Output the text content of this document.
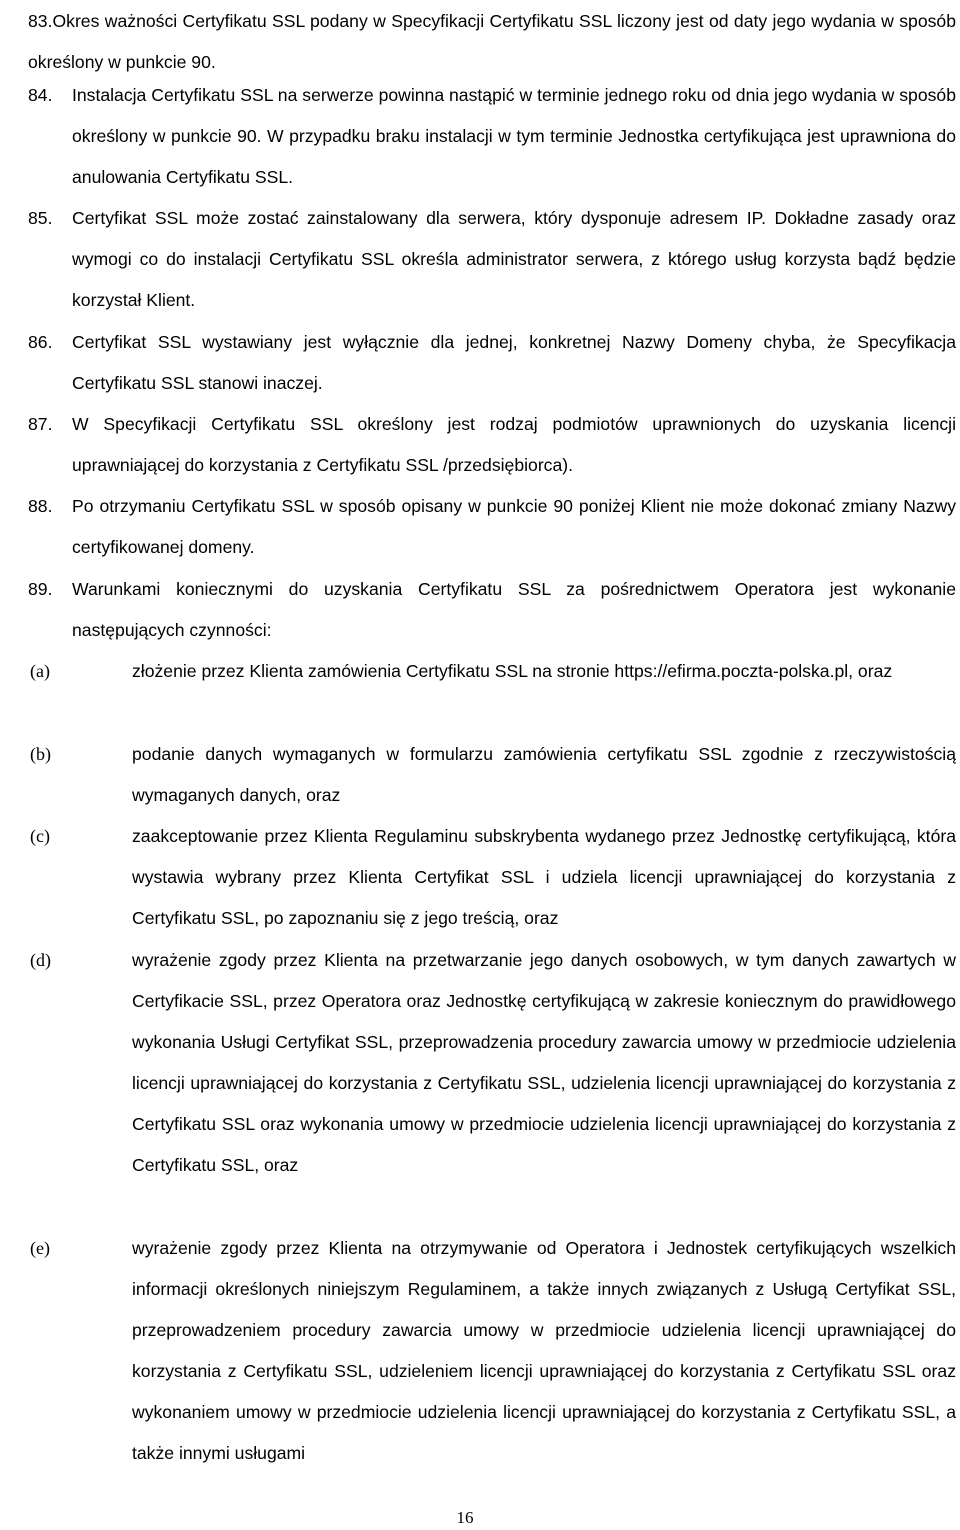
83.Okres ważności Certyfikatu SSL podany w Specyfikacji Certyfikatu SSL liczony jest od daty jego wydania w sposób określony w punkcie 90.
84.	Instalacja Certyfikatu SSL na serwerze powinna nastąpić w terminie jednego roku od dnia jego wydania w sposób określony w punkcie 90. W przypadku braku instalacji w tym terminie Jednostka certyfikująca jest uprawniona do anulowania Certyfikatu SSL.
85.	Certyfikat SSL może zostać zainstalowany dla serwera, który dysponuje adresem IP. Dokładne zasady oraz wymogi co do instalacji Certyfikatu SSL określa administrator serwera, z którego usług korzysta bądź będzie korzystał Klient.
86.	Certyfikat SSL wystawiany jest wyłącznie dla jednej, konkretnej Nazwy Domeny chyba, że Specyfikacja Certyfikatu SSL stanowi inaczej.
87.	W Specyfikacji Certyfikatu SSL określony jest rodzaj podmiotów uprawnionych do uzyskania licencji uprawniającej do korzystania z Certyfikatu SSL /przedsiębiorca).
88.	Po otrzymaniu Certyfikatu SSL w sposób opisany w punkcie 90 poniżej Klient nie może dokonać zmiany Nazwy certyfikowanej domeny.
89.	Warunkami koniecznymi do uzyskania Certyfikatu SSL za pośrednictwem Operatora jest wykonanie następujących czynności:
(a)	złożenie przez Klienta zamówienia Certyfikatu SSL na stronie https://efirma.poczta-polska.pl, oraz
(b)	podanie danych wymaganych w formularzu zamówienia certyfikatu SSL zgodnie z rzeczywistością wymaganych danych, oraz
(c)	zaakceptowanie przez Klienta Regulaminu subskrybenta wydanego przez Jednostkę certyfikującą, która wystawia wybrany przez Klienta Certyfikat SSL i udziela licencji uprawniającej do korzystania z Certyfikatu SSL, po zapoznaniu się z jego treścią, oraz
(d)	wyrażenie zgody przez Klienta na przetwarzanie jego danych osobowych, w tym danych zawartych w Certyfikacie SSL, przez Operatora oraz Jednostkę certyfikującą w zakresie koniecznym do prawidłowego wykonania Usługi Certyfikat SSL, przeprowadzenia procedury zawarcia umowy w przedmiocie udzielenia licencji uprawniającej do korzystania z Certyfikatu SSL, udzielenia licencji uprawniającej do korzystania z Certyfikatu SSL oraz wykonania umowy w przedmiocie udzielenia licencji uprawniającej do korzystania z Certyfikatu SSL, oraz
(e)	wyrażenie zgody przez Klienta na otrzymywanie od Operatora i Jednostek certyfikujących wszelkich informacji określonych niniejszym Regulaminem, a także innych związanych z Usługą Certyfikat SSL, przeprowadzeniem procedury zawarcia umowy w przedmiocie udzielenia licencji uprawniającej do korzystania z Certyfikatu SSL, udzieleniem licencji uprawniającej do korzystania z Certyfikatu SSL oraz wykonaniem umowy w przedmiocie udzielenia licencji uprawniającej do korzystania z Certyfikatu SSL, a także innymi usługami
16
